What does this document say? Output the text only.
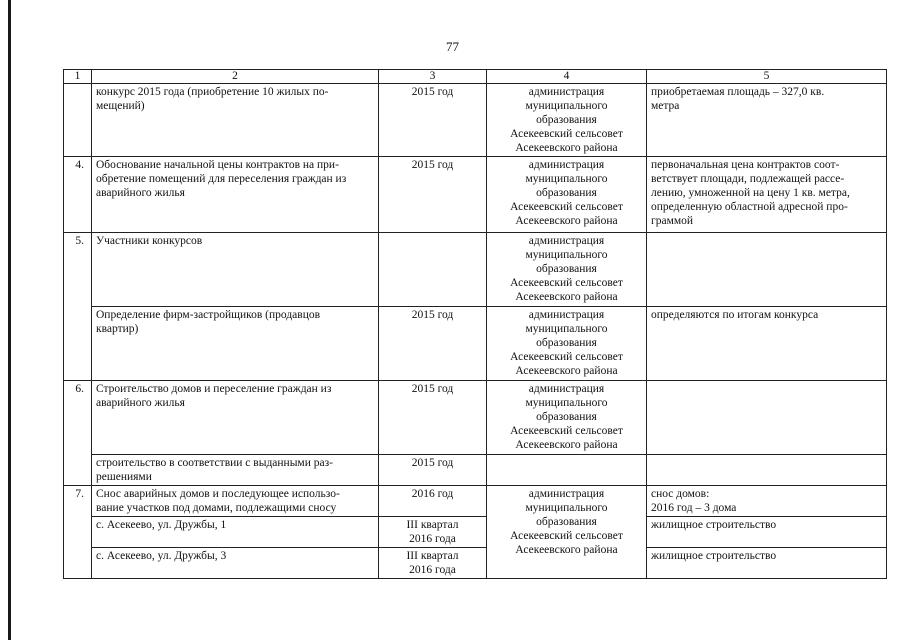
77
1	2	3	4	5
	конкурс 2015 года (приобретение 10 жилых по-
мещений)	2015 год	администрация
муниципального
образования
Асекеевский сельсовет
Асекеевского района	приобретаемая площадь – 327,0 кв.
метра
4.	Обоснование начальной цены контрактов на при-
обретение помещений для переселения граждан из
аварийного жилья	2015 год	администрация
муниципального
образования
Асекеевский сельсовет
Асекеевского района	первоначальная цена контрактов соот-
ветствует площади, подлежащей рассе-
лению, умноженной на цену 1 кв. метра,
определенную областной адресной про-
граммой
5.	Участники конкурсов		администрация
муниципального
образования
Асекеевский сельсовет
Асекеевского района	
	Определение фирм-застройщиков (продавцов
квартир)	2015 год	администрация
муниципального
образования
Асекеевский сельсовет
Асекеевского района	определяются по итогам конкурса
6.	Строительство домов и переселение граждан из
аварийного жилья	2015 год	администрация
муниципального
образования
Асекеевский сельсовет
Асекеевского района	
	строительство в соответствии с выданными раз-
решениями	2015 год		
7.	Снос аварийных домов и последующее использо-
вание участков под домами, подлежащими сносу	2016 год	администрация
муниципального
образования
Асекеевский сельсовет
Асекеевского района	снос домов:
2016 год – 3 дома
	с. Асекеево, ул. Дружбы, 1	III квартал
2016 года		жилищное строительство
	с. Асекеево, ул. Дружбы, 3	III квартал
2016 года		жилищное строительство
